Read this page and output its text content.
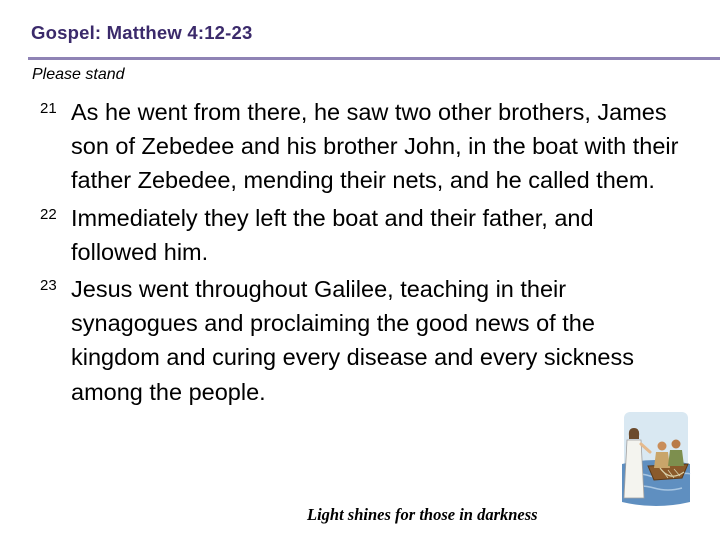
Gospel: Matthew 4:12-23
Please stand
21 As he went from there, he saw two other brothers, James son of Zebedee and his brother John, in the boat with their father Zebedee, mending their nets, and he called them.
22 Immediately they left the boat and their father, and followed him.
23 Jesus went throughout Galilee, teaching in their synagogues and proclaiming the good news of the kingdom and curing every disease and every sickness among the people.
Light shines for those in darkness
